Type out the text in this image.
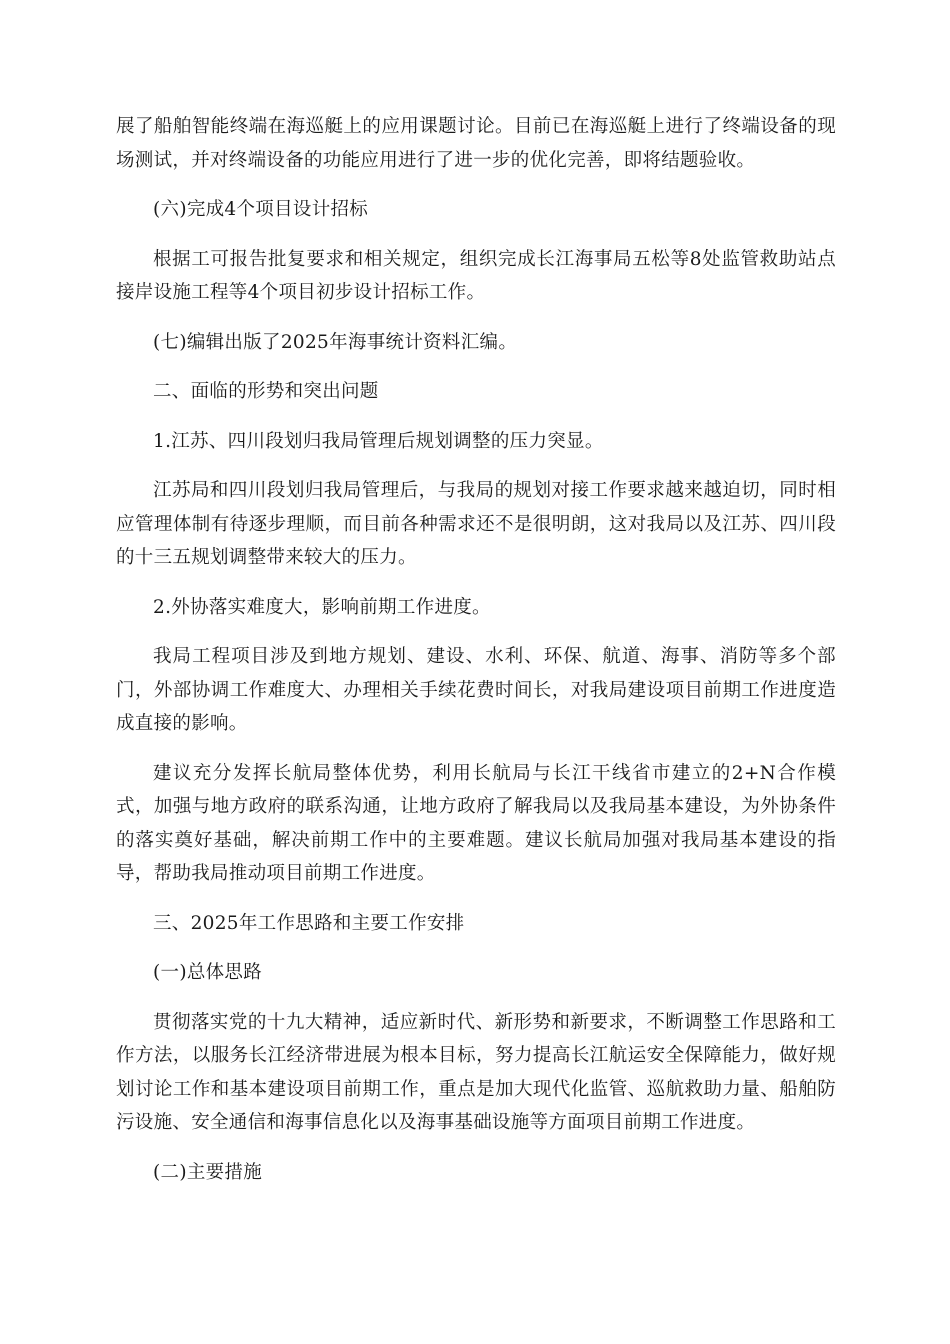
展了船舶智能终端在海巡艇上的应用课题讨论。目前已在海巡艇上进行了终端设备的现场测试，并对终端设备的功能应用进行了进一步的优化完善，即将结题验收。

(六)完成4个项目设计招标

根据工可报告批复要求和相关规定，组织完成长江海事局五松等8处监管救助站点接岸设施工程等4个项目初步设计招标工作。

(七)编辑出版了2025年海事统计资料汇编。

二、面临的形势和突出问题

1.江苏、四川段划归我局管理后规划调整的压力突显。

江苏局和四川段划归我局管理后，与我局的规划对接工作要求越来越迫切，同时相应管理体制有待逐步理顺，而目前各种需求还不是很明朗，这对我局以及江苏、四川段的十三五规划调整带来较大的压力。

2.外协落实难度大，影响前期工作进度。

我局工程项目涉及到地方规划、建设、水利、环保、航道、海事、消防等多个部门，外部协调工作难度大、办理相关手续花费时间长，对我局建设项目前期工作进度造成直接的影响。

建议充分发挥长航局整体优势，利用长航局与长江干线省市建立的2+N合作模式，加强与地方政府的联系沟通，让地方政府了解我局以及我局基本建设，为外协条件的落实奠好基础，解决前期工作中的主要难题。建议长航局加强对我局基本建设的指导，帮助我局推动项目前期工作进度。

三、2025年工作思路和主要工作安排

(一)总体思路

贯彻落实党的十九大精神，适应新时代、新形势和新要求，不断调整工作思路和工作方法，以服务长江经济带进展为根本目标，努力提高长江航运安全保障能力，做好规划讨论工作和基本建设项目前期工作，重点是加大现代化监管、巡航救助力量、船舶防污设施、安全通信和海事信息化以及海事基础设施等方面项目前期工作进度。

(二)主要措施
